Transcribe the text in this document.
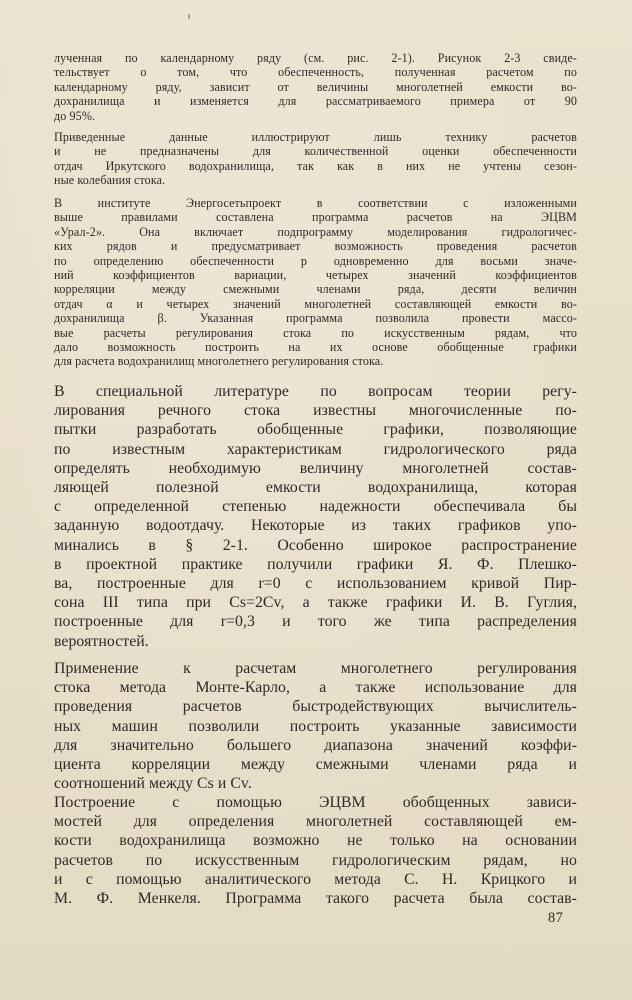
лученная по календарному ряду (см. рис. 2-1). Рисунок 2-3 свиде-
тельствует о том, что обеспеченность, полученная расчетом по
календарному ряду, зависит от величины многолетней емкости во-
дохранилища и изменяется для рассматриваемого примера от 90
до 95%.
Приведенные данные иллюстрируют лишь технику расчетов
и не предназначены для количественной оценки обеспеченности
отдач Иркутского водохранилища, так как в них не учтены сезон-
ные колебания стока.
В институте Энергосетьпроект в соответствии с изложенными
выше правилами составлена программа расчетов на ЭЦВМ
«Урал-2». Она включает подпрограмму моделирования гидрологичес-
ких рядов и предусматривает возможность проведения расчетов
по определению обеспеченности p одновременно для восьми значе-
ний коэффициентов вариации, четырех значений коэффициентов
корреляции между смежными членами ряда, десяти величин
отдач α и четырех значений многолетней составляющей емкости во-
дохранилища β. Указанная программа позволила провести массо-
вые расчеты регулирования стока по искусственным рядам, что
дало возможность построить на их основе обобщенные графики
для расчета водохранилищ многолетнего регулирования стока.
В специальной литературе по вопросам теории регу-
лирования речного стока известны многочисленные по-
пытки разработать обобщенные графики, позволяющие
по известным характеристикам гидрологического ряда
определять необходимую величину многолетней состав-
ляющей полезной емкости водохранилища, которая
с определенной степенью надежности обеспечивала бы
заданную водоотдачу. Некоторые из таких графиков упо-
минались в § 2-1. Особенно широкое распространение
в проектной практике получили графики Я. Ф. Плешко-
ва, построенные для r=0 с использованием кривой Пир-
сона III типа при Cs=2Cv, а также графики И. В. Гуглия,
построенные для r=0,3 и того же типа распределения
вероятностей.
Применение к расчетам многолетнего регулирования
стока метода Монте-Карло, а также использование для
проведения расчетов быстродействующих вычислитель-
ных машин позволили построить указанные зависимости
для значительно большего диапазона значений коэффи-
циента корреляции между смежными членами ряда и
соотношений между Cs и Cv.
Построение с помощью ЭЦВМ обобщенных зависи-
мостей для определения многолетней составляющей ем-
кости водохранилища возможно не только на основании
расчетов по искусственным гидрологическим рядам, но
и с помощью аналитического метода С. Н. Крицкого и
М. Ф. Менкеля. Программа такого расчета была состав-
87
